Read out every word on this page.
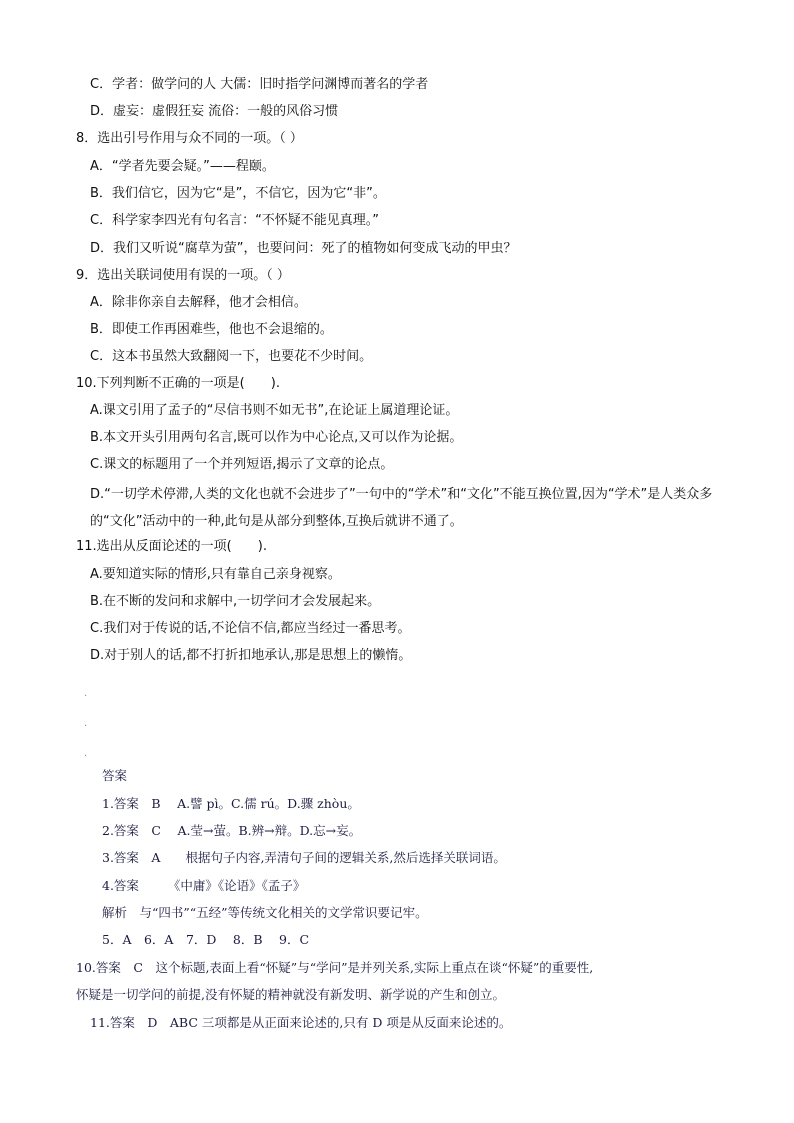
C．学者：做学问的人 大儒：旧时指学问渊博而著名的学者
D．虚妄：虚假狂妄 流俗：一般的风俗习惯
8．选出引号作用与众不同的一项。（ ）
A．“学者先要会疑。”——程颐。
B．我们信它，因为它“是”，不信它，因为它“非”。
C．科学家李四光有句名言：“不怀疑不能见真理。”
D．我们又听说“腐草为萤”，也要问问：死了的植物如何变成飞动的甲虫？
9．选出关联词使用有误的一项。（ ）
A．除非你亲自去解释，他才会相信。
B．即使工作再困难些，他也不会退缩的。
C．这本书虽然大致翻阅一下，也要花不少时间。
10.下列判断不正确的一项是(　　).
A.课文引用了孟子的“尽信书则不如无书”,在论证上属道理论证。
B.本文开头引用两句名言,既可以作为中心论点,又可以作为论据。
C.课文的标题用了一个并列短语,揭示了文章的论点。
D.“一切学术停滞,人类的文化也就不会进步了”一句中的“学术”和“文化”不能互换位置,因为“学术”是人类众多的“文化”活动中的一种,此句是从部分到整体,互换后就讲不通了。
11.选出从反面论述的一项(　　).
A.要知道实际的情形,只有靠自己亲身视察。
B.在不断的发问和求解中,一切学问才会发展起来。
C.我们对于传说的话,不论信不信,都应当经过一番思考。
D.对于别人的话,都不打折扣地承认,那是思想上的懒惰。
.
.
.
答案
1.答案　B　 A.譬 pì。C.儒 rú。D.骤 zhòu。
2.答案　C　 A.莹→萤。B.辨→辩。D.忘→妄。
3.答案　A　　根据句子内容,弄清句子间的逻辑关系,然后选择关联词语。
4.答案　　 《中庸》《论语》《孟子》
解析　与“四书”“五经”等传统文化相关的文学常识要记牢。
5．A　6．A　7．D　 8．B　 9．C
10.答案　C　这个标题,表面上看“怀疑”与“学问”是并列关系,实际上重点在谈“怀疑”的重要性,
怀疑是一切学问的前提,没有怀疑的精神就没有新发明、新学说的产生和创立。
11.答案　D　ABC 三项都是从正面来论述的,只有 D 项是从反面来论述的。
